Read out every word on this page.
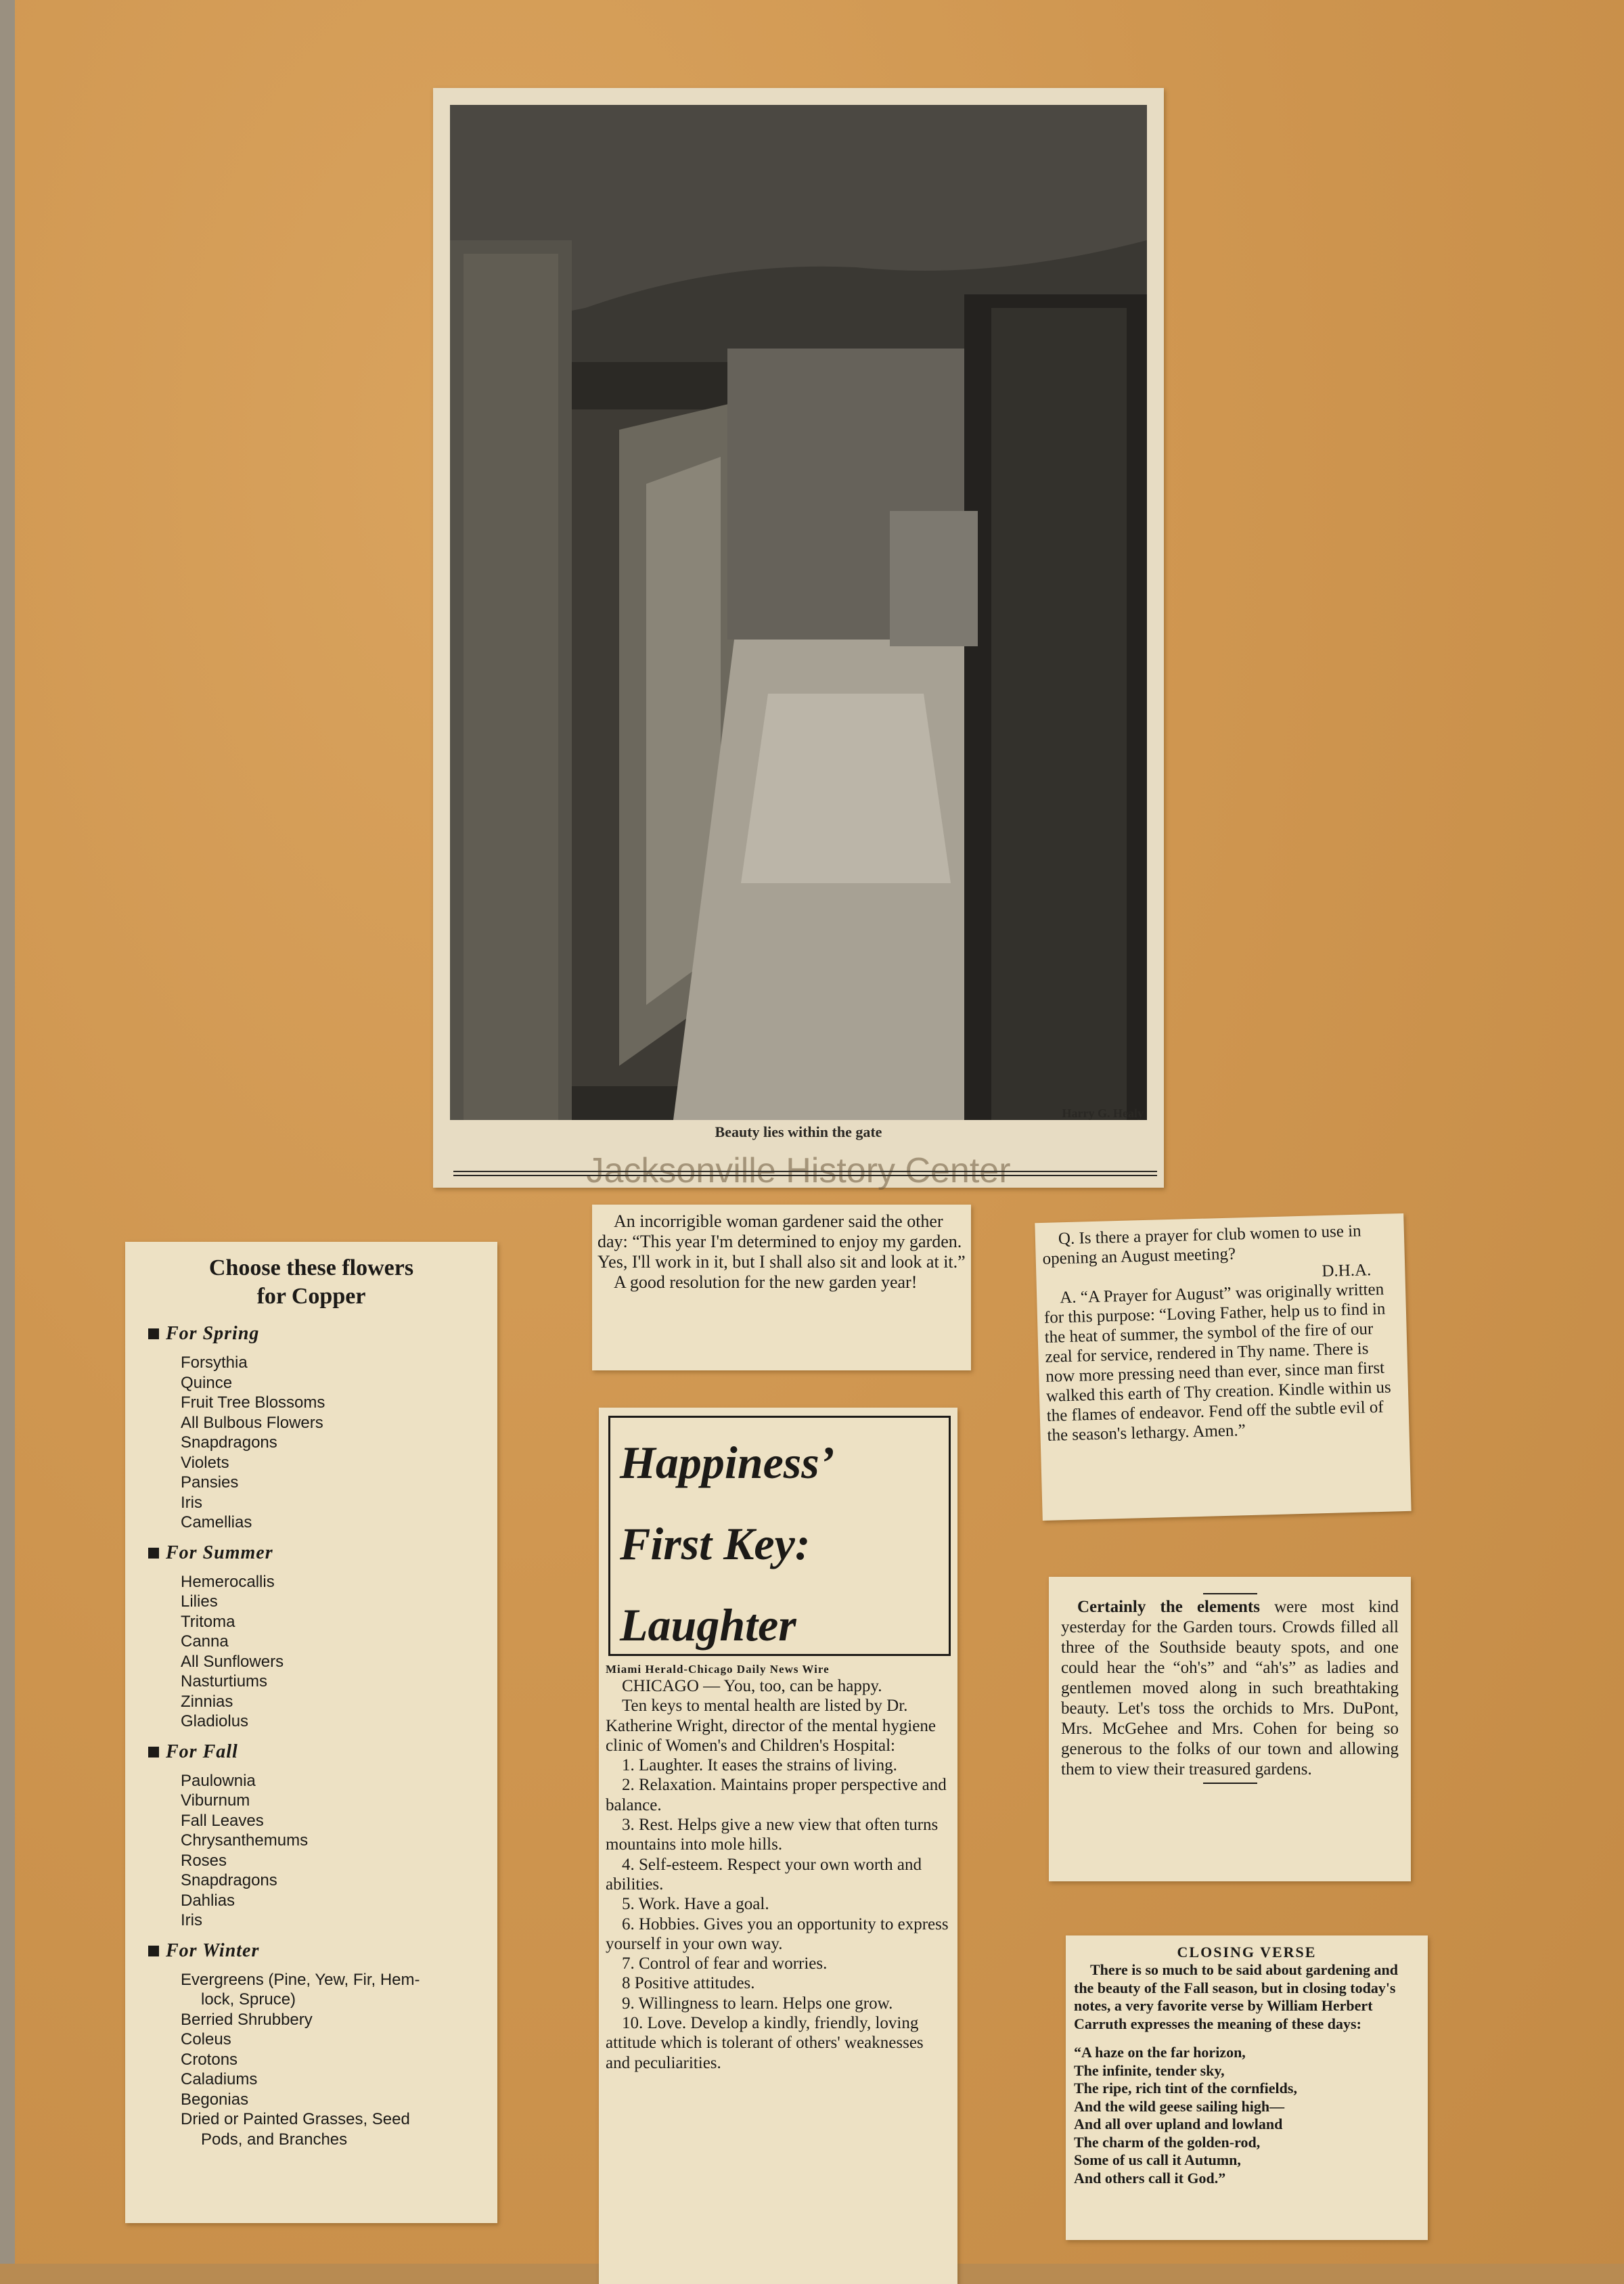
Harry G. Healy
Beauty lies within the gate
Jacksonville History Center
Choose these flowers
for Copper
For Spring
Forsythia
Quince
Fruit Tree Blossoms
All Bulbous Flowers
Snapdragons
Violets
Pansies
Iris
Camellias
For Summer
Hemerocallis
Lilies
Tritoma
Canna
All Sunflowers
Nasturtiums
Zinnias
Gladiolus
For Fall
Paulownia
Viburnum
Fall Leaves
Chrysanthemums
Roses
Snapdragons
Dahlias
Iris
For Winter
Evergreens (Pine, Yew, Fir, Hem-
lock, Spruce)
Berried Shrubbery
Coleus
Crotons
Caladiums
Begonias
Dried or Painted Grasses, Seed
Pods, and Branches
An incorrigible woman gardener said the other day: “This year I'm determined to enjoy my garden. Yes, I'll work in it, but I shall also sit and look at it.”
A good resolution for the new garden year!
Q. Is there a prayer for club women to use in opening an August meeting?
D.H.A.
A. “A Prayer for August” was originally written for this purpose: “Loving Father, help us to find in the heat of summer, the symbol of the fire of our zeal for service, rendered in Thy name. There is now more pressing need than ever, since man first walked this earth of Thy creation. Kindle within us the flames of endeavor. Fend off the subtle evil of the season's lethargy. Amen.”
Happiness’
First Key:
Laughter
Miami Herald-Chicago Daily News Wire
CHICAGO — You, too, can be happy.
Ten keys to mental health are listed by Dr. Katherine Wright, director of the mental hygiene clinic of Women's and Children's Hospital:
1. Laughter. It eases the strains of living.
2. Relaxation. Maintains proper perspective and balance.
3. Rest. Helps give a new view that often turns mountains into mole hills.
4. Self-esteem. Respect your own worth and abilities.
5. Work. Have a goal.
6. Hobbies. Gives you an opportunity to express yourself in your own way.
7. Control of fear and worries.
8 Positive attitudes.
9. Willingness to learn. Helps one grow.
10. Love. Develop a kindly, friendly, loving attitude which is tolerant of others' weaknesses and peculiarities.
Certainly the elements were most kind yesterday for the Garden tours. Crowds filled all three of the Southside beauty spots, and one could hear the “oh's” and “ah's” as ladies and gentlemen moved along in such breathtaking beauty. Let's toss the orchids to Mrs. DuPont, Mrs. McGehee and Mrs. Cohen for being so generous to the folks of our town and allowing them to view their treasured gardens.
CLOSING VERSE
There is so much to be said about gardening and the beauty of the Fall season, but in closing today's notes, a very favorite verse by William Herbert Carruth expresses the meaning of these days:
“A haze on the far horizon,
The infinite, tender sky,
The ripe, rich tint of the cornfields,
And the wild geese sailing high—
And all over upland and lowland
The charm of the golden-rod,
Some of us call it Autumn,
And others call it God.”
